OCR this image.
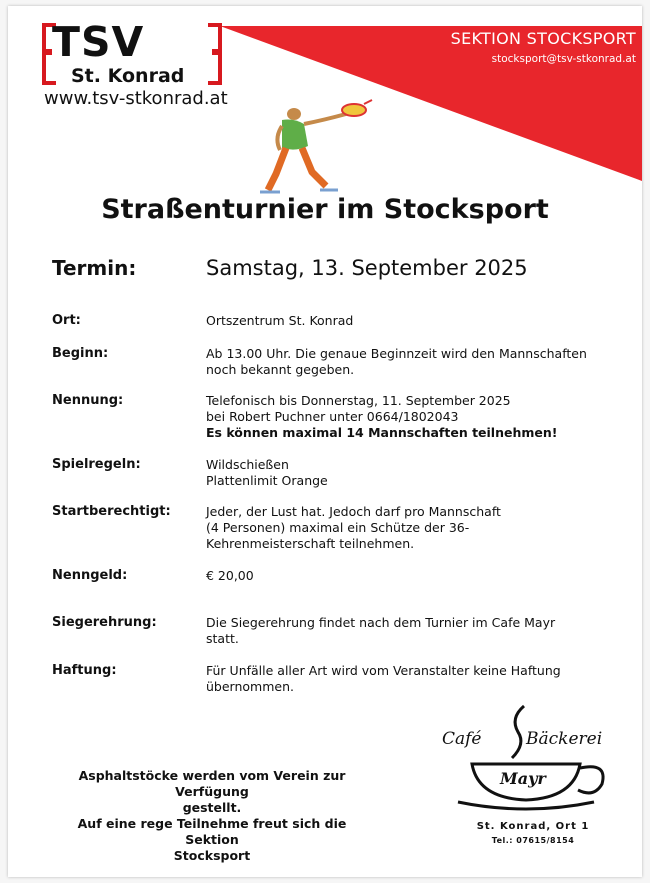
SEKTION STOCKSPORT
stocksport@tsv-stkonrad.at
TSV
St. Konrad
www.tsv-stkonrad.at
Straßenturnier im Stocksport
Termin:	Samstag, 13. September 2025
Ort:	Ortszentrum St. Konrad
Beginn:	Ab 13.00 Uhr. Die genaue Beginnzeit wird den Mannschaften
noch bekannt gegeben.
Nennung:	Telefonisch bis Donnerstag, 11. September 2025
bei Robert Puchner unter 0664/1802043
Es können maximal 14 Mannschaften teilnehmen!
Spielregeln:	Wildschießen
Plattenlimit Orange
Startberechtigt:	Jeder, der Lust hat. Jedoch darf pro Mannschaft
(4 Personen) maximal ein Schütze der 36-
Kehrenmeisterschaft teilnehmen.
Nenngeld:	€ 20,00
Siegerehrung:	Die Siegerehrung findet nach dem Turnier im Cafe Mayr
statt.
Haftung:	Für Unfälle aller Art wird vom Veranstalter keine Haftung
übernommen.
Asphaltstöcke werden vom Verein zur Verfügung
gestellt.
Auf eine rege Teilnehme freut sich die Sektion
Stocksport
Café	Bäckerei
Mayr
St. Konrad, Ort 1
Tel.: 07615/8154
